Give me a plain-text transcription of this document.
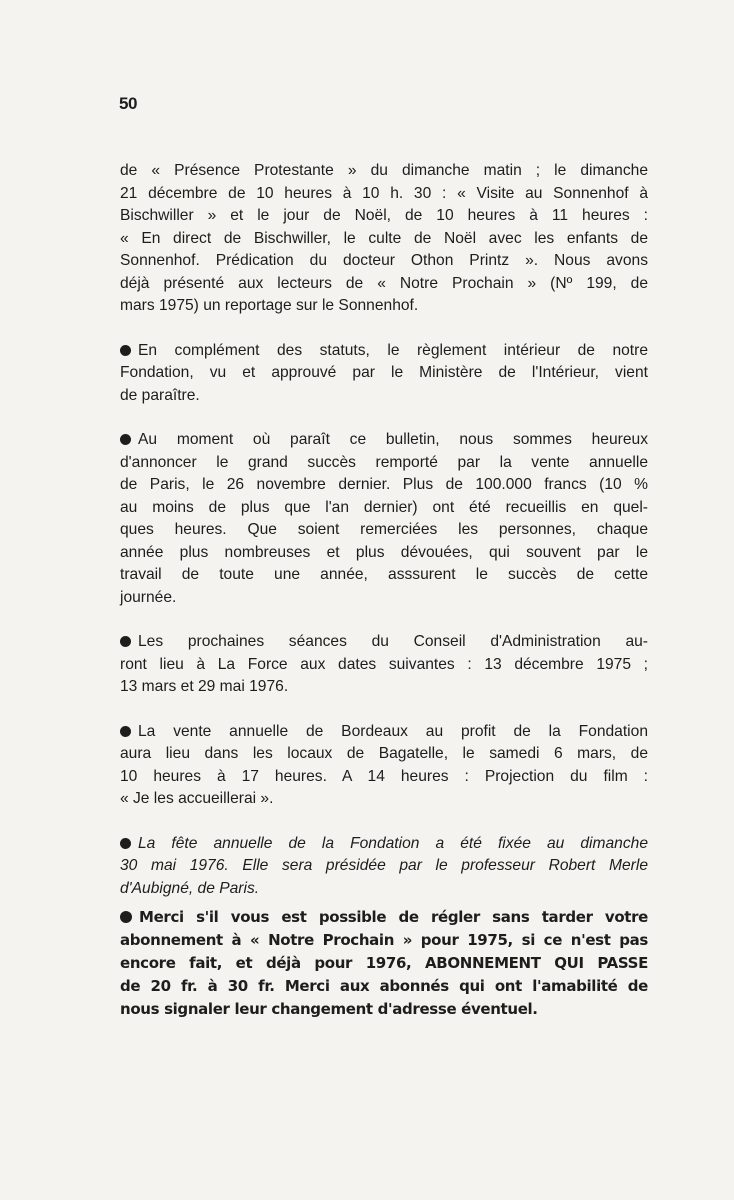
50

de « Présence Protestante » du dimanche matin ; le dimanche
21 décembre de 10 heures à 10 h. 30 : « Visite au Sonnenhof à
Bischwiller » et le jour de Noël, de 10 heures à 11 heures :
« En direct de Bischwiller, le culte de Noël avec les enfants de
Sonnenhof. Prédication du docteur Othon Printz ». Nous avons
déjà présenté aux lecteurs de « Notre Prochain » (Nº 199, de
mars 1975) un reportage sur le Sonnenhof.

En complément des statuts, le règlement intérieur de notre
Fondation, vu et approuvé par le Ministère de l'Intérieur, vient
de paraître.

Au moment où paraît ce bulletin, nous sommes heureux
d'annoncer le grand succès remporté par la vente annuelle
de Paris, le 26 novembre dernier. Plus de 100.000 francs (10 %
au moins de plus que l'an dernier) ont été recueillis en quel-
ques heures. Que soient remerciées les personnes, chaque
année plus nombreuses et plus dévouées, qui souvent par le
travail de toute une année, asssurent le succès de cette
journée.

Les prochaines séances du Conseil d'Administration au-
ront lieu à La Force aux dates suivantes : 13 décembre 1975 ;
13 mars et 29 mai 1976.

La vente annuelle de Bordeaux au profit de la Fondation
aura lieu dans les locaux de Bagatelle, le samedi 6 mars, de
10 heures à 17 heures. A 14 heures : Projection du film :
« Je les accueillerai ».

La fête annuelle de la Fondation a été fixée au dimanche
30 mai 1976. Elle sera présidée par le professeur Robert Merle
d'Aubigné, de Paris.

Merci s'il vous est possible de régler sans tarder votre
abonnement à « Notre Prochain » pour 1975, si ce n'est pas
encore fait, et déjà pour 1976, ABONNEMENT QUI PASSE
de 20 fr. à 30 fr. Merci aux abonnés qui ont l'amabilité de
nous signaler leur changement d'adresse éventuel.
